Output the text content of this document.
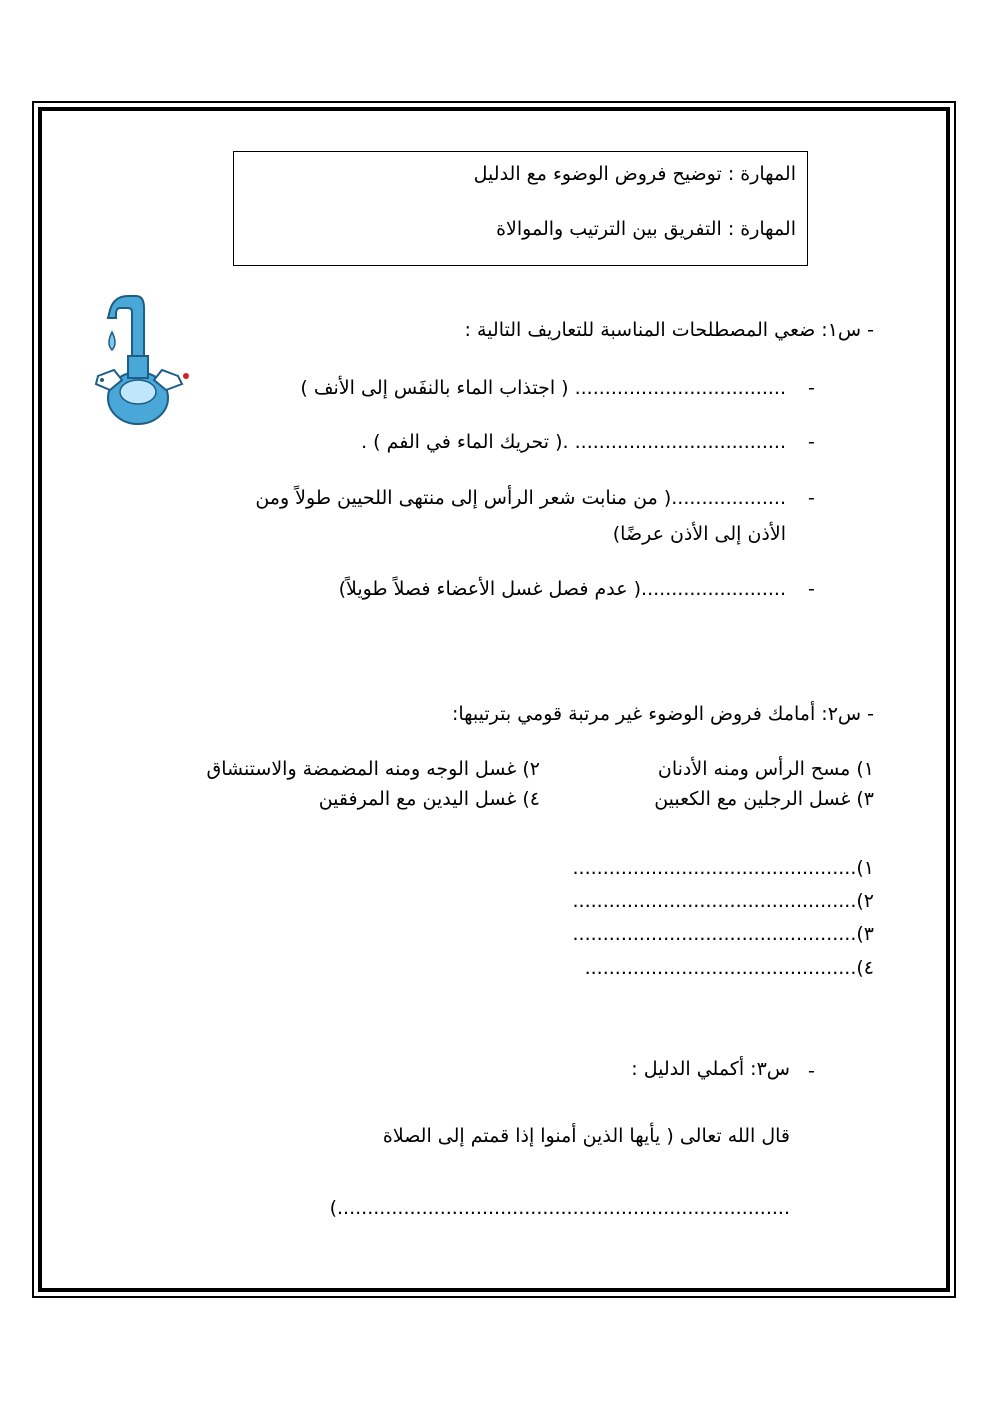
المهارة : توضيح فروض الوضوء مع الدليل
المهارة : التفريق بين الترتيب والموالاة
- س١: ضعي المصطلحات المناسبة للتعاريف التالية :
-
................................... ( اجتذاب الماء بالنفَس إلى الأنف )
-
................................... .( تحريك الماء في الفم ) .
-
...................( من منابت شعر الرأس إلى منتهى اللحيين طولاً ومن
الأذن إلى الأذن عرضًا)
-
........................( عدم فصل غسل الأعضاء فصلاً طويلاً)
- س٢: أمامك فروض الوضوء غير مرتبة قومي بترتيبها:
١) مسح الرأس ومنه الأدنان
٢) غسل الوجه ومنه المضمضة والاستنشاق
٣) غسل الرجلين مع الكعبين
٤) غسل اليدين مع المرفقين
١)...............................................
٢)...............................................
٣)...............................................
٤).............................................
-
س٣: أكملي الدليل :
قال الله تعالى ( يأيها الذين أمنوا إذا قمتم إلى الصلاة
...........................................................................)
